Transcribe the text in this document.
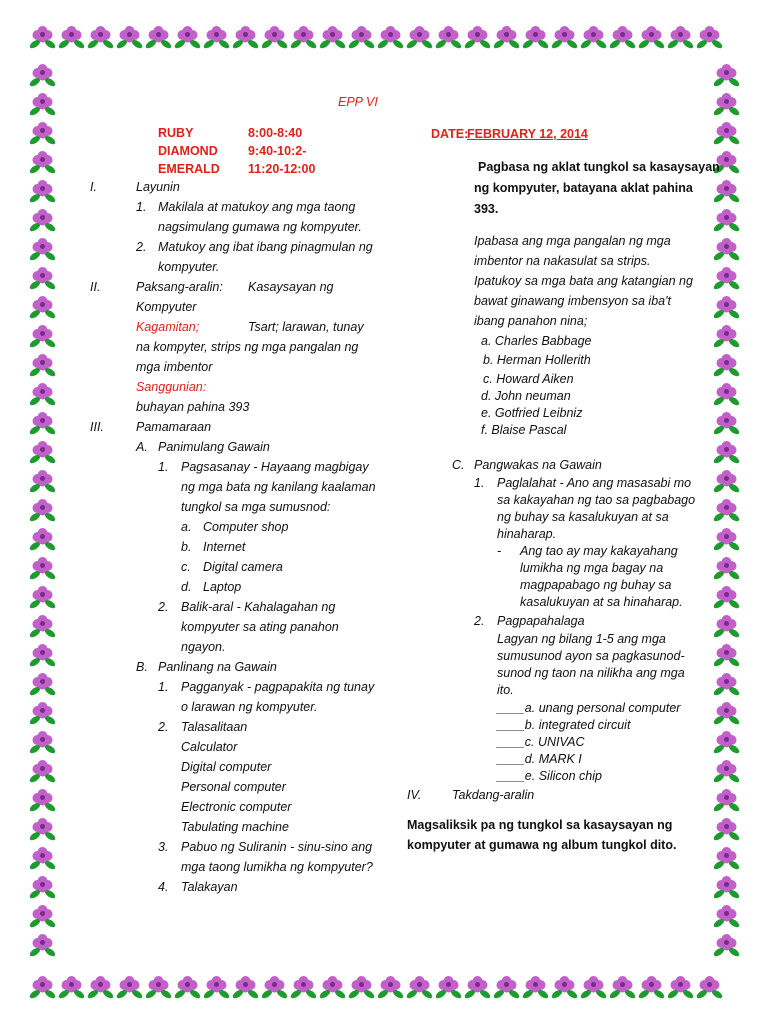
EPP VI
RUBY	8:00-8:40
DIAMOND 9:40-10:2-
EMERALD 11:20-12:00
DATE:
FEBRUARY 12, 2014
I.	Layunin
1. Makilala at matukoy ang mga taong
nagsimulang gumawa ng kompyuter.
2. Matukoy ang ibat ibang pinagmulan ng
kompyuter.
II.	Paksang-aralin: Kasaysayan ng
Kompyuter
Kagamitan;	Tsart; larawan, tunay
na kompyter, strips ng mga pangalan ng
mga imbentor
Sanggunian:
buhayan pahina 393
III.	Pamamaraan
A. Panimulang Gawain
1. Pagsasanay - Hayaang magbigay
ng mga bata ng kanilang kaalaman
tungkol sa mga sumusnod:
a. Computer shop
b. Internet
c. Digital camera
d. Laptop
2. Balik-aral - Kahalagahan ng
kompyuter sa ating panahon
ngayon.
B. Panlinang na Gawain
1. Pagganyak - pagpapakita ng tunay
o larawan ng kompyuter.
2. Talasalitaan
Calculator
Digital computer
Personal computer
Electronic computer
Tabulating machine
3. Pabuo ng Suliranin - sinu-sino ang
mga taong lumikha ng kompyuter?
4. Talakayan
Pagbasa ng aklat tungkol sa kasaysayan
ng kompyuter, batayana aklat pahina
393.
Ipabasa ang mga pangalan ng mga
imbentor na nakasulat sa strips.
Ipatukoy sa mga bata ang katangian ng
bawat ginawang imbensyon sa iba't
ibang panahon nina;
a. Charles Babbage
b. Herman Hollerith
c. Howard Aiken
d. John neuman
e. Gotfried Leibniz
f. Blaise Pascal
C. Pangwakas na Gawain
1. Paglalahat - Ano ang masasabi mo
sa kakayahan ng tao sa pagbabago
ng buhay sa kasalukuyan at sa
hinaharap.
- Ang tao ay may kakayahang
lumikha ng mga bagay na
magpapabago ng buhay sa
kasalukuyan at sa hinaharap.
2. Pagpapahalaga
Lagyan ng bilang 1-5 ang mga
sumusunod ayon sa pagkasunod-
sunod ng taon na nilikha ang mga
ito.
____a. unang personal computer
____b. integrated circuit
____c. UNIVAC
____d. MARK I
____e. Silicon chip
IV. Takdang-aralin
Magsaliksik pa ng tungkol sa kasaysayan ng
kompyuter at gumawa ng album tungkol dito.
